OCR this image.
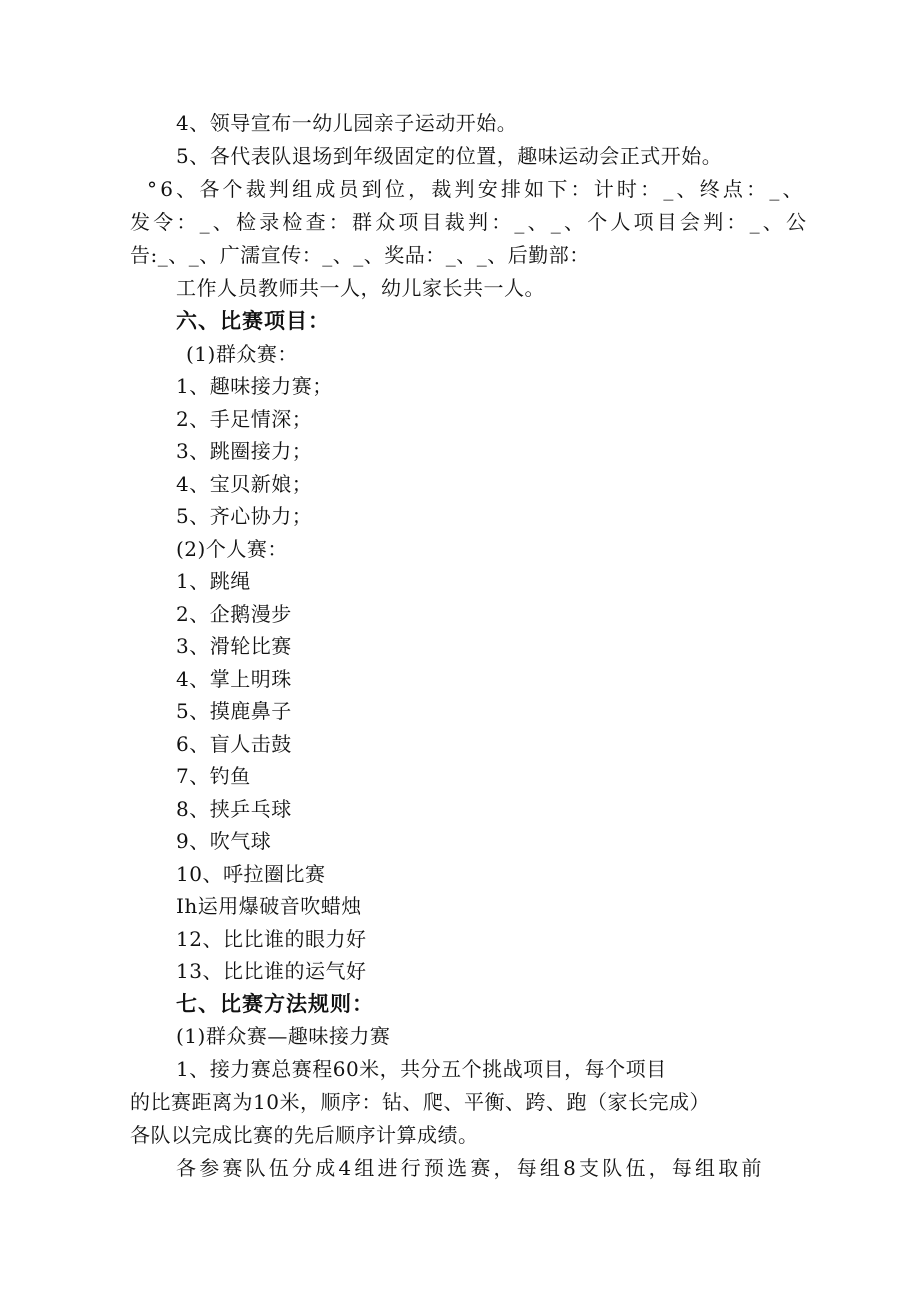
4、领导宣布一幼儿园亲子运动开始。
5、各代表队退场到年级固定的位置，趣味运动会正式开始。
°6、各个裁判组成员到位，裁判安排如下：计时：_、终点：_、
发令：_、检录检查：群众项目裁判：_、_、个人项目会判：_、公
告:_、_、广濡宣传：_、_、奖品：_、_、后勤部：
工作人员教师共一人，幼儿家长共一人。
六、比赛项目：
(1)群众赛：
1、趣味接力赛；
2、手足情深；
3、跳圈接力；
4、宝贝新娘；
5、齐心协力；
(2)个人赛：
1、跳绳
2、企鹅漫步
3、滑轮比赛
4、掌上明珠
5、摸鹿鼻子
6、盲人击鼓
7、钓鱼
8、挟乒乓球
9、吹气球
10、呼拉圈比赛
Ih运用爆破音吹蜡烛
12、比比谁的眼力好
13、比比谁的运气好
七、比赛方法规则：
(1)群众赛—趣味接力赛
1、接力赛总赛程60米，共分五个挑战项目，每个项目
的比赛距离为10米，顺序：钻、爬、平衡、跨、跑（家长完成）
各队以完成比赛的先后顺序计算成绩。
各参赛队伍分成4组进行预选赛，每组8支队伍，每组取前
